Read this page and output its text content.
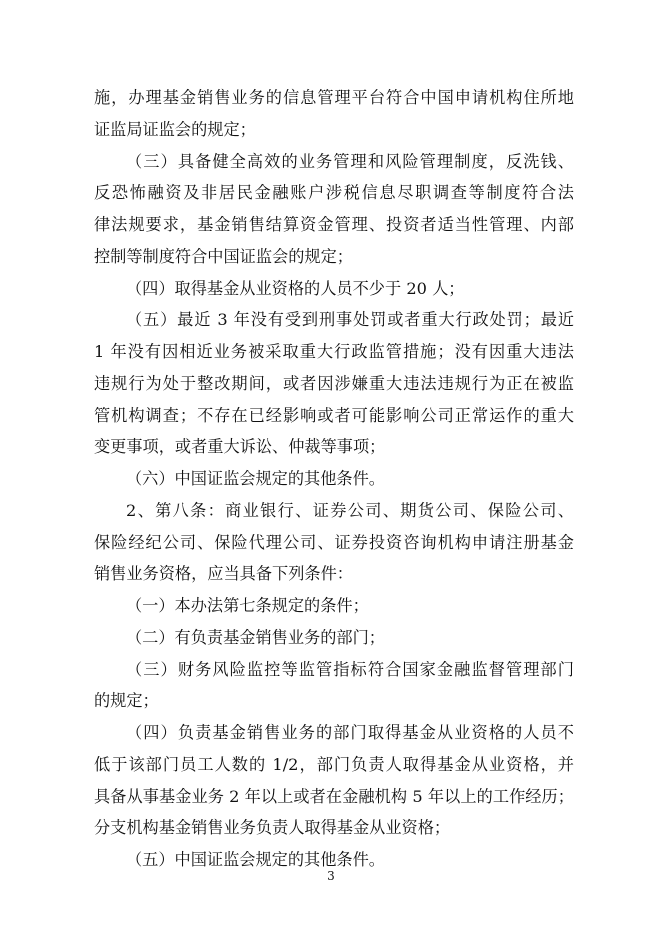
施，办理基金销售业务的信息管理平台符合中国申请机构住所地
证监局证监会的规定；
（三）具备健全高效的业务管理和风险管理制度，反洗钱、
反恐怖融资及非居民金融账户涉税信息尽职调查等制度符合法
律法规要求，基金销售结算资金管理、投资者适当性管理、内部
控制等制度符合中国证监会的规定；
（四）取得基金从业资格的人员不少于 20 人；
（五）最近 3 年没有受到刑事处罚或者重大行政处罚；最近
1 年没有因相近业务被采取重大行政监管措施；没有因重大违法
违规行为处于整改期间，或者因涉嫌重大违法违规行为正在被监
管机构调查；不存在已经影响或者可能影响公司正常运作的重大
变更事项，或者重大诉讼、仲裁等事项；
（六）中国证监会规定的其他条件。
2、第八条：商业银行、证券公司、期货公司、保险公司、
保险经纪公司、保险代理公司、证券投资咨询机构申请注册基金
销售业务资格，应当具备下列条件：
（一）本办法第七条规定的条件；
（二）有负责基金销售业务的部门；
（三）财务风险监控等监管指标符合国家金融监督管理部门
的规定；
（四）负责基金销售业务的部门取得基金从业资格的人员不
低于该部门员工人数的 1/2，部门负责人取得基金从业资格，并
具备从事基金业务 2 年以上或者在金融机构 5 年以上的工作经历；
分支机构基金销售业务负责人取得基金从业资格；
（五）中国证监会规定的其他条件。
3
